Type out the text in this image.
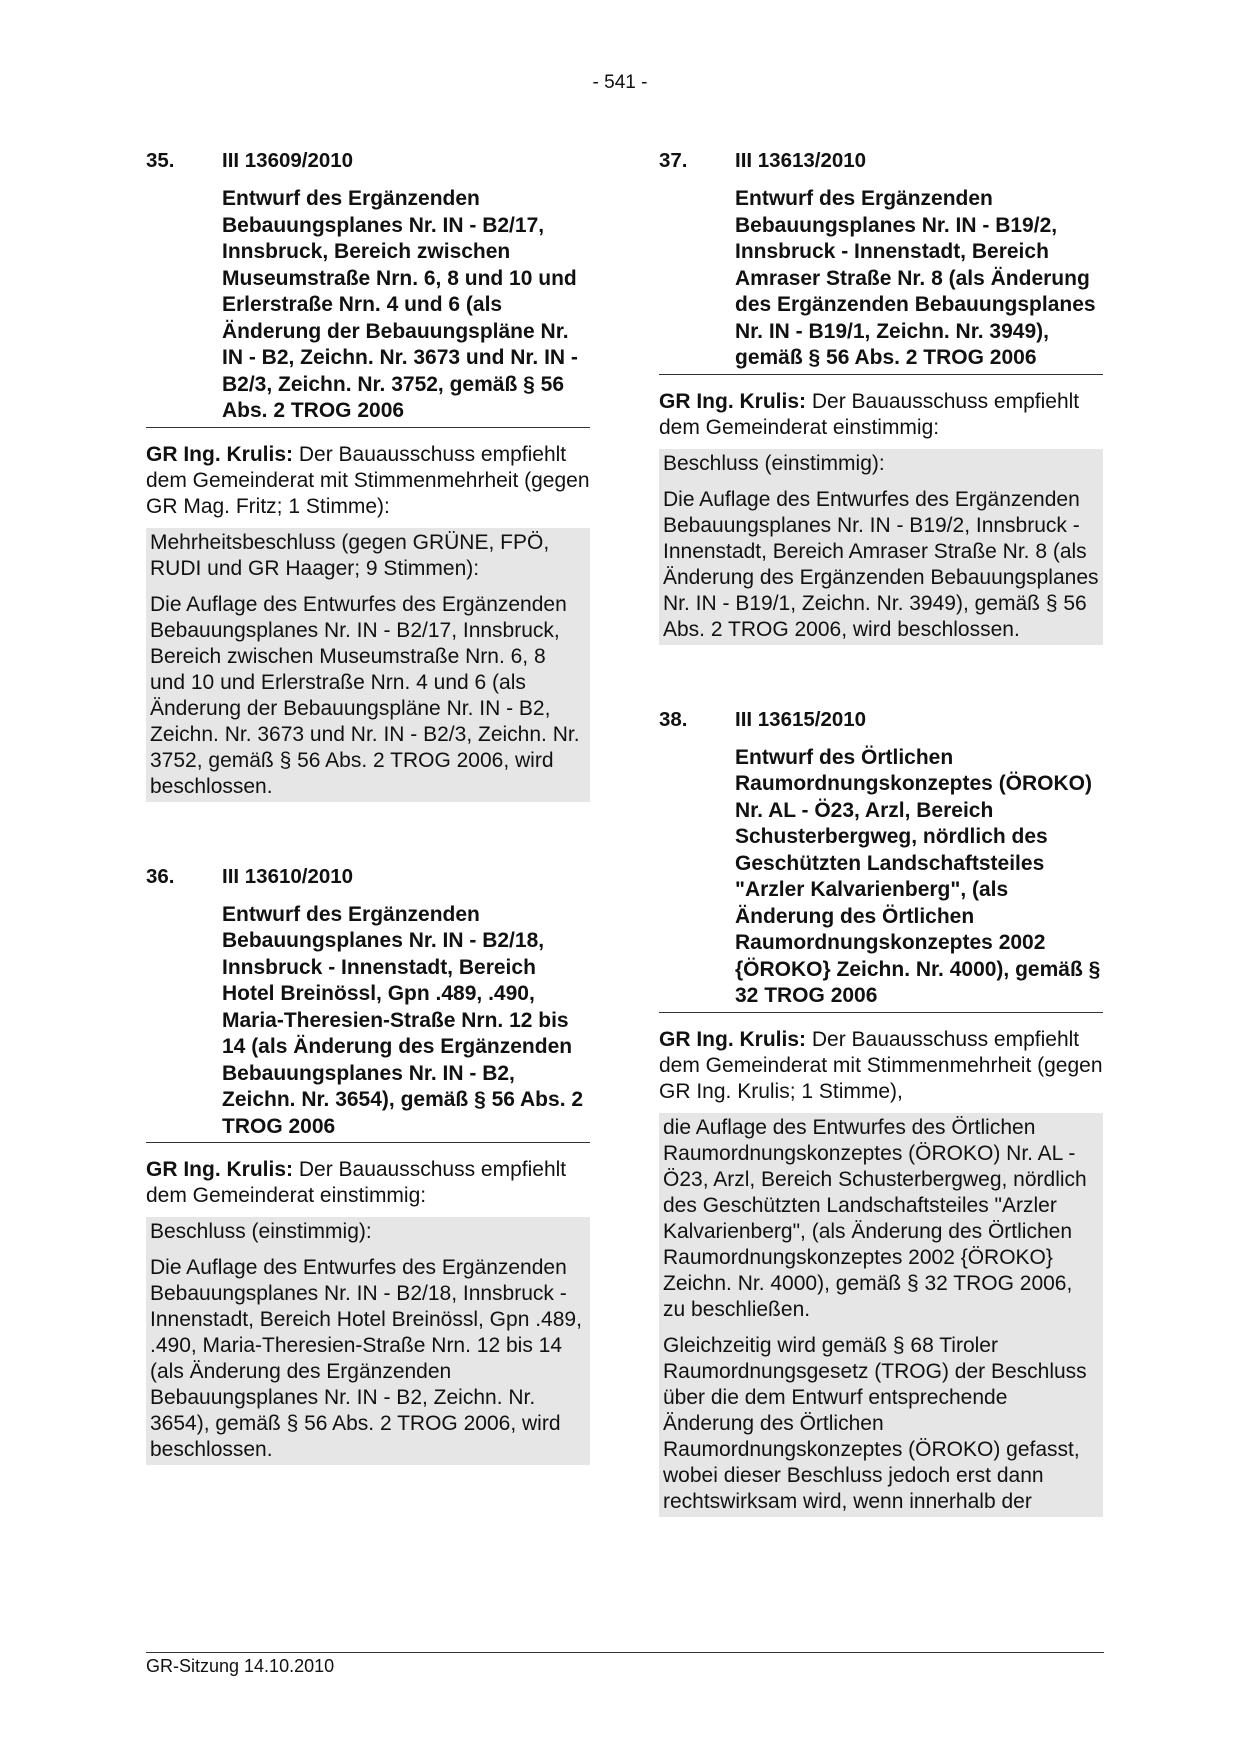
- 541 -
35.	III 13609/2010
Entwurf des Ergänzenden Bebauungsplanes Nr. IN - B2/17, Innsbruck, Bereich zwischen Museumstraße Nrn. 6, 8 und 10 und Erlerstraße Nrn. 4 und 6 (als Änderung der Bebauungspläne Nr. IN - B2, Zeichn. Nr. 3673 und Nr. IN - B2/3, Zeichn. Nr. 3752, gemäß § 56 Abs. 2 TROG 2006
GR Ing. Krulis: Der Bauausschuss empfiehlt dem Gemeinderat mit Stimmenmehrheit (gegen GR Mag. Fritz; 1 Stimme):

Mehrheitsbeschluss (gegen GRÜNE, FPÖ, RUDI und GR Haager; 9 Stimmen):

Die Auflage des Entwurfes des Ergänzenden Bebauungsplanes Nr. IN - B2/17, Innsbruck, Bereich zwischen Museumstraße Nrn. 6, 8 und 10 und Erlerstraße Nrn. 4 und 6 (als Änderung der Bebauungspläne Nr. IN - B2, Zeichn. Nr. 3673 und Nr. IN - B2/3, Zeichn. Nr. 3752, gemäß § 56 Abs. 2 TROG 2006, wird beschlossen.

36.	III 13610/2010
Entwurf des Ergänzenden Bebauungsplanes Nr. IN - B2/18, Innsbruck - Innenstadt, Bereich Hotel Breinössl, Gpn .489, .490, Maria-Theresien-Straße Nrn. 12 bis 14 (als Änderung des Ergänzenden Bebauungsplanes Nr. IN - B2, Zeichn. Nr. 3654), gemäß § 56 Abs. 2 TROG 2006
GR Ing. Krulis: Der Bauausschuss empfiehlt dem Gemeinderat einstimmig:

Beschluss (einstimmig):

Die Auflage des Entwurfes des Ergänzenden Bebauungsplanes Nr. IN - B2/18, Innsbruck - Innenstadt, Bereich Hotel Breinössl, Gpn .489, .490, Maria-Theresien-Straße Nrn. 12 bis 14 (als Änderung des Ergänzenden Bebauungsplanes Nr. IN - B2, Zeichn. Nr. 3654), gemäß § 56 Abs. 2 TROG 2006, wird beschlossen.

37.	III 13613/2010
Entwurf des Ergänzenden Bebauungsplanes Nr. IN - B19/2, Innsbruck - Innenstadt, Bereich Amraser Straße Nr. 8 (als Änderung des Ergänzenden Bebauungsplanes Nr. IN - B19/1, Zeichn. Nr. 3949), gemäß § 56 Abs. 2 TROG 2006
GR Ing. Krulis: Der Bauausschuss empfiehlt dem Gemeinderat einstimmig:

Beschluss (einstimmig):

Die Auflage des Entwurfes des Ergänzenden Bebauungsplanes Nr. IN - B19/2, Innsbruck - Innenstadt, Bereich Amraser Straße Nr. 8 (als Änderung des Ergänzenden Bebauungsplanes Nr. IN - B19/1, Zeichn. Nr. 3949), gemäß § 56 Abs. 2 TROG 2006, wird beschlossen.

38.	III 13615/2010
Entwurf des Örtlichen Raumordnungskonzeptes (ÖROKO) Nr. AL - Ö23, Arzl, Bereich Schusterbergweg, nördlich des Geschützten Landschaftsteiles "Arzler Kalvarienberg", (als Änderung des Örtlichen Raumordnungskonzeptes 2002 {ÖROKO} Zeichn. Nr. 4000), gemäß § 32 TROG 2006
GR Ing. Krulis: Der Bauausschuss empfiehlt dem Gemeinderat mit Stimmenmehrheit (gegen GR Ing. Krulis; 1 Stimme),

die Auflage des Entwurfes des Örtlichen Raumordnungskonzeptes (ÖROKO) Nr. AL - Ö23, Arzl, Bereich Schusterbergweg, nördlich des Geschützten Landschaftsteiles "Arzler Kalvarienberg", (als Änderung des Örtlichen Raumordnungskonzeptes 2002 {ÖROKO} Zeichn. Nr. 4000), gemäß § 32 TROG 2006, zu beschließen.

Gleichzeitig wird gemäß § 68 Tiroler Raumordnungsgesetz (TROG) der Beschluss über die dem Entwurf entsprechende Änderung des Örtlichen Raumordnungskonzeptes (ÖROKO) gefasst, wobei dieser Beschluss jedoch erst dann rechtswirksam wird, wenn innerhalb der

GR-Sitzung 14.10.2010
